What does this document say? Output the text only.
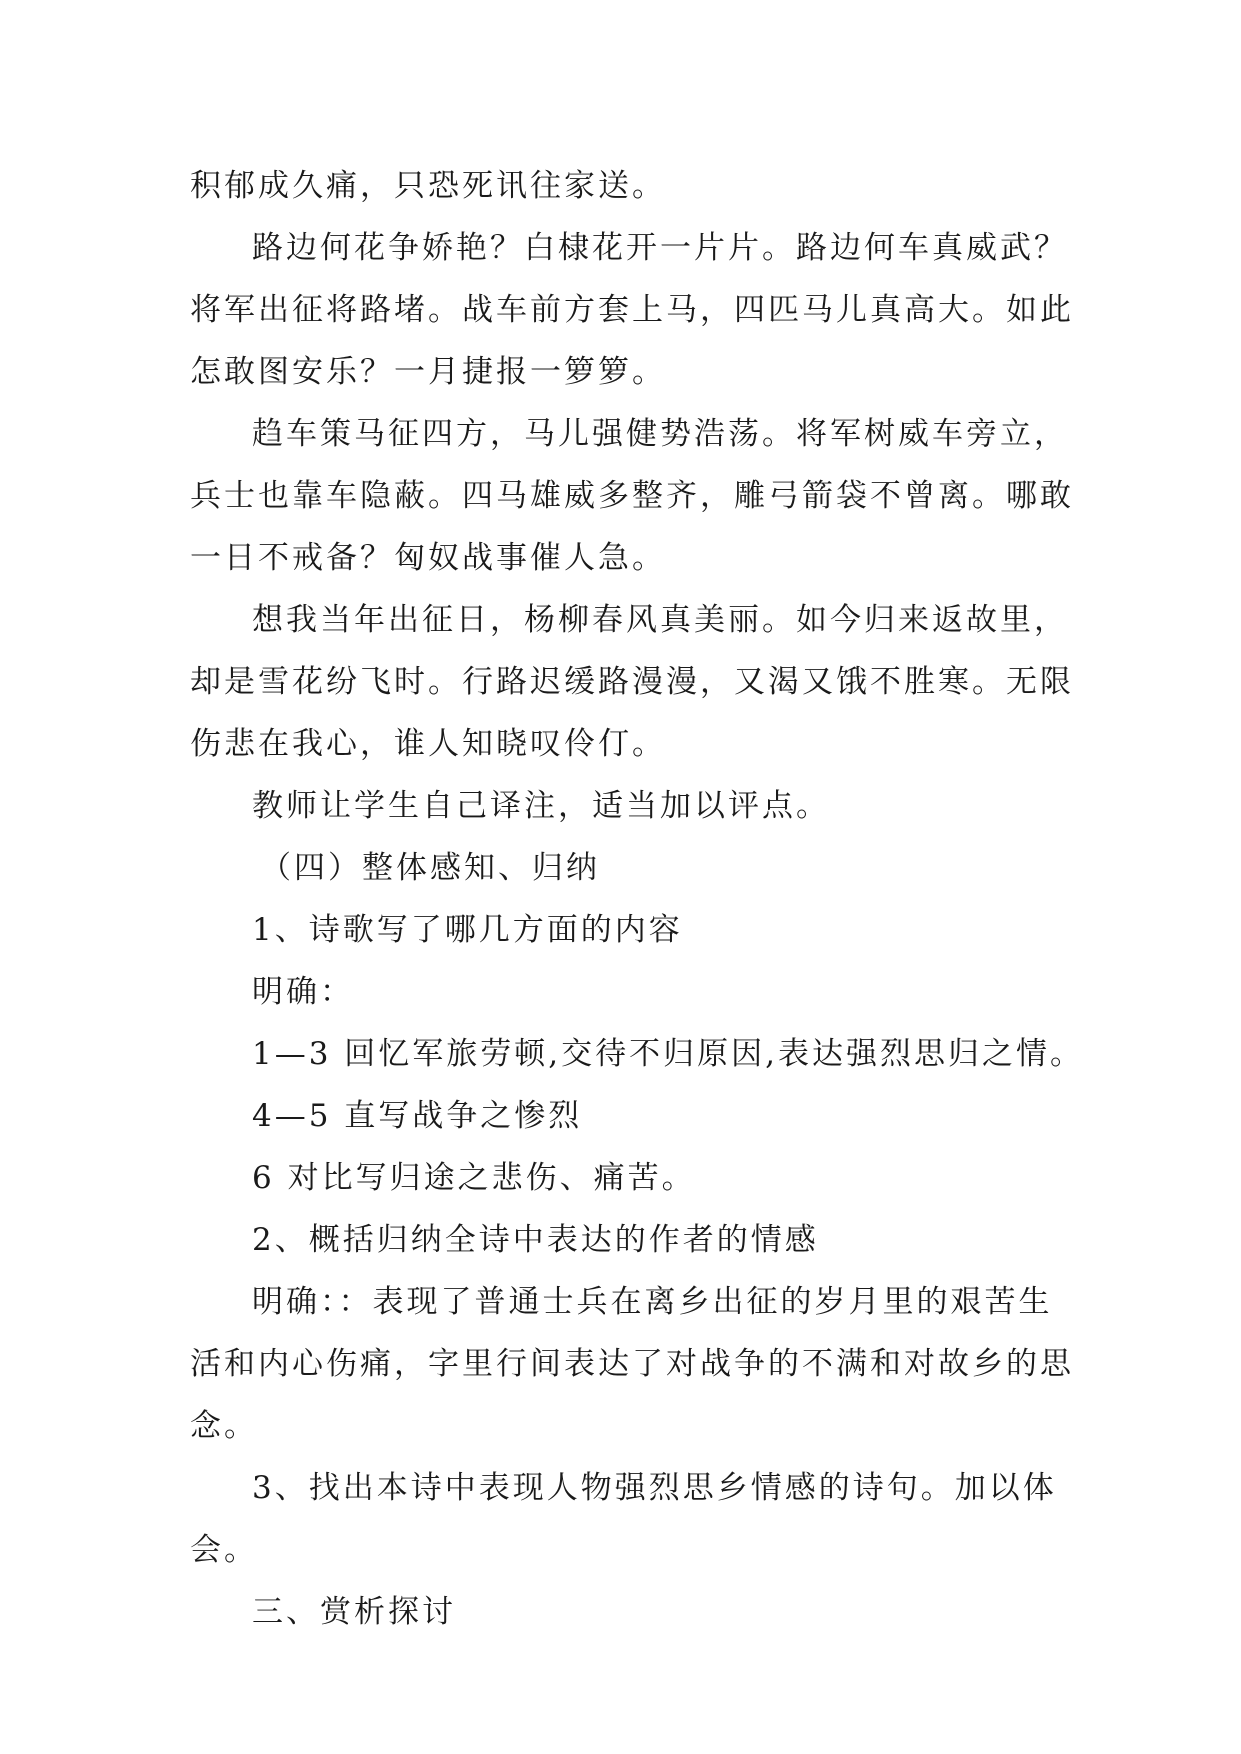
积郁成久痛，只恐死讯往家送。

路边何花争娇艳？白棣花开一片片。路边何车真威武？
将军出征将路堵。战车前方套上马，四匹马儿真高大。如此
怎敢图安乐？一月捷报一箩箩。

趋车策马征四方，马儿强健势浩荡。将军树威车旁立，
兵士也靠车隐蔽。四马雄威多整齐，雕弓箭袋不曾离。哪敢
一日不戒备？匈奴战事催人急。

想我当年出征日，杨柳春风真美丽。如今归来返故里，
却是雪花纷飞时。行路迟缓路漫漫，又渴又饿不胜寒。无限
伤悲在我心，谁人知晓叹伶仃。

教师让学生自己译注，适当加以评点。

（四）整体感知、归纳

1、诗歌写了哪几方面的内容

明确：

1—3 回忆军旅劳顿,交待不归原因,表达强烈思归之情。

4—5 直写战争之惨烈

6 对比写归途之悲伤、痛苦。

2、概括归纳全诗中表达的作者的情感

明确：：表现了普通士兵在离乡出征的岁月里的艰苦生
活和内心伤痛，字里行间表达了对战争的不满和对故乡的思
念。

3、找出本诗中表现人物强烈思乡情感的诗句。加以体
会。

三、赏析探讨
